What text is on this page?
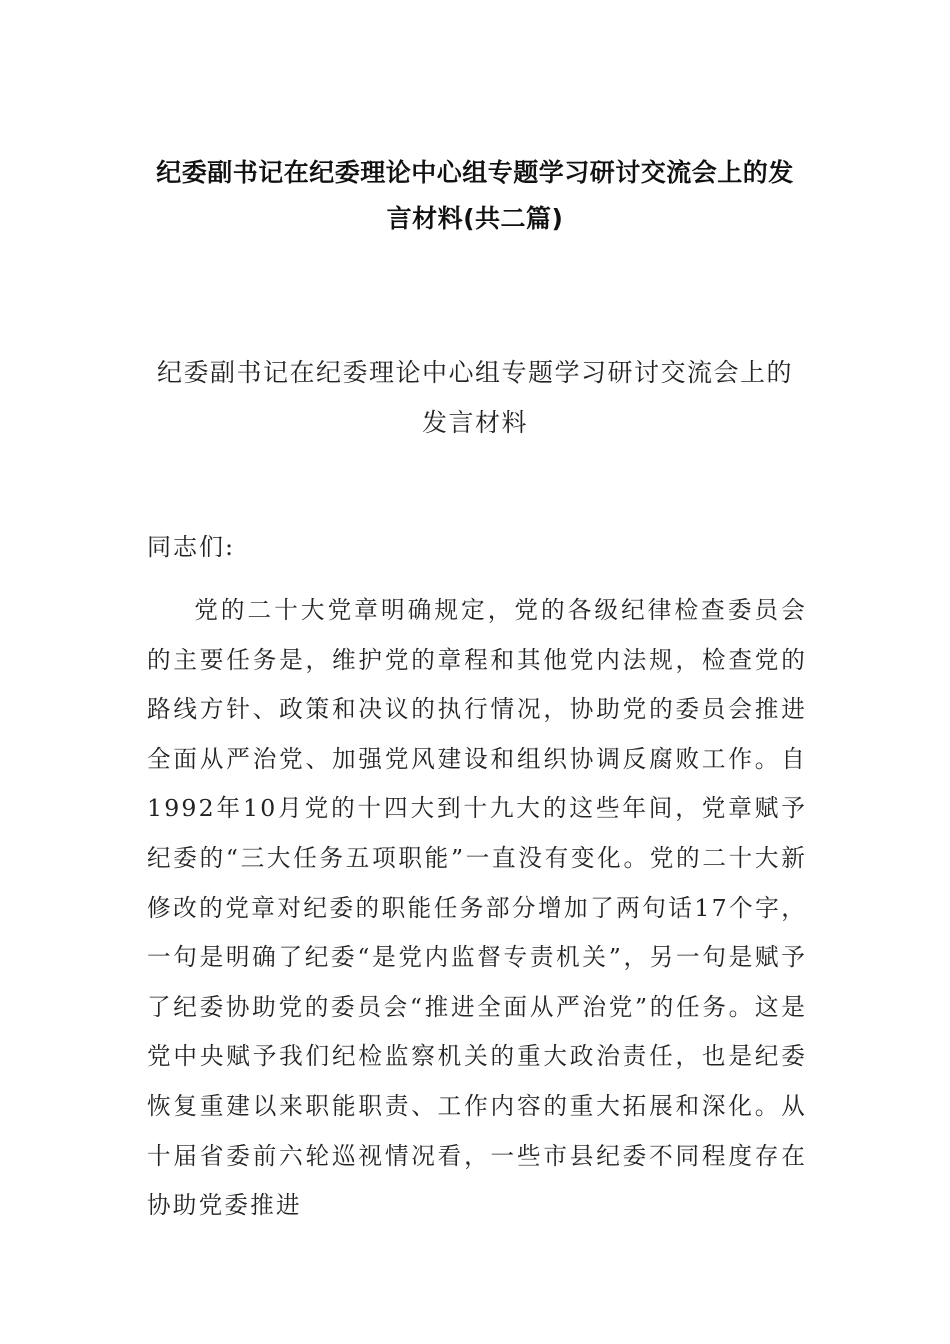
纪委副书记在纪委理论中心组专题学习研讨交流会上的发言材料(共二篇)
纪委副书记在纪委理论中心组专题学习研讨交流会上的发言材料

同志们:

党的二十大党章明确规定，党的各级纪律检查委员会的主要任务是，维护党的章程和其他党内法规，检查党的路线方针、政策和决议的执行情况，协助党的委员会推进全面从严治党、加强党风建设和组织协调反腐败工作。自1992年10月党的十四大到十九大的这些年间，党章赋予纪委的“三大任务五项职能”一直没有变化。党的二十大新修改的党章对纪委的职能任务部分增加了两句话17个字，一句是明确了纪委“是党内监督专责机关”，另一句是赋予了纪委协助党的委员会“推进全面从严治党”的任务。这是党中央赋予我们纪检监察机关的重大政治责任，也是纪委恢复重建以来职能职责、工作内容的重大拓展和深化。从十届省委前六轮巡视情况看，一些市县纪委不同程度存在协助党委推进
